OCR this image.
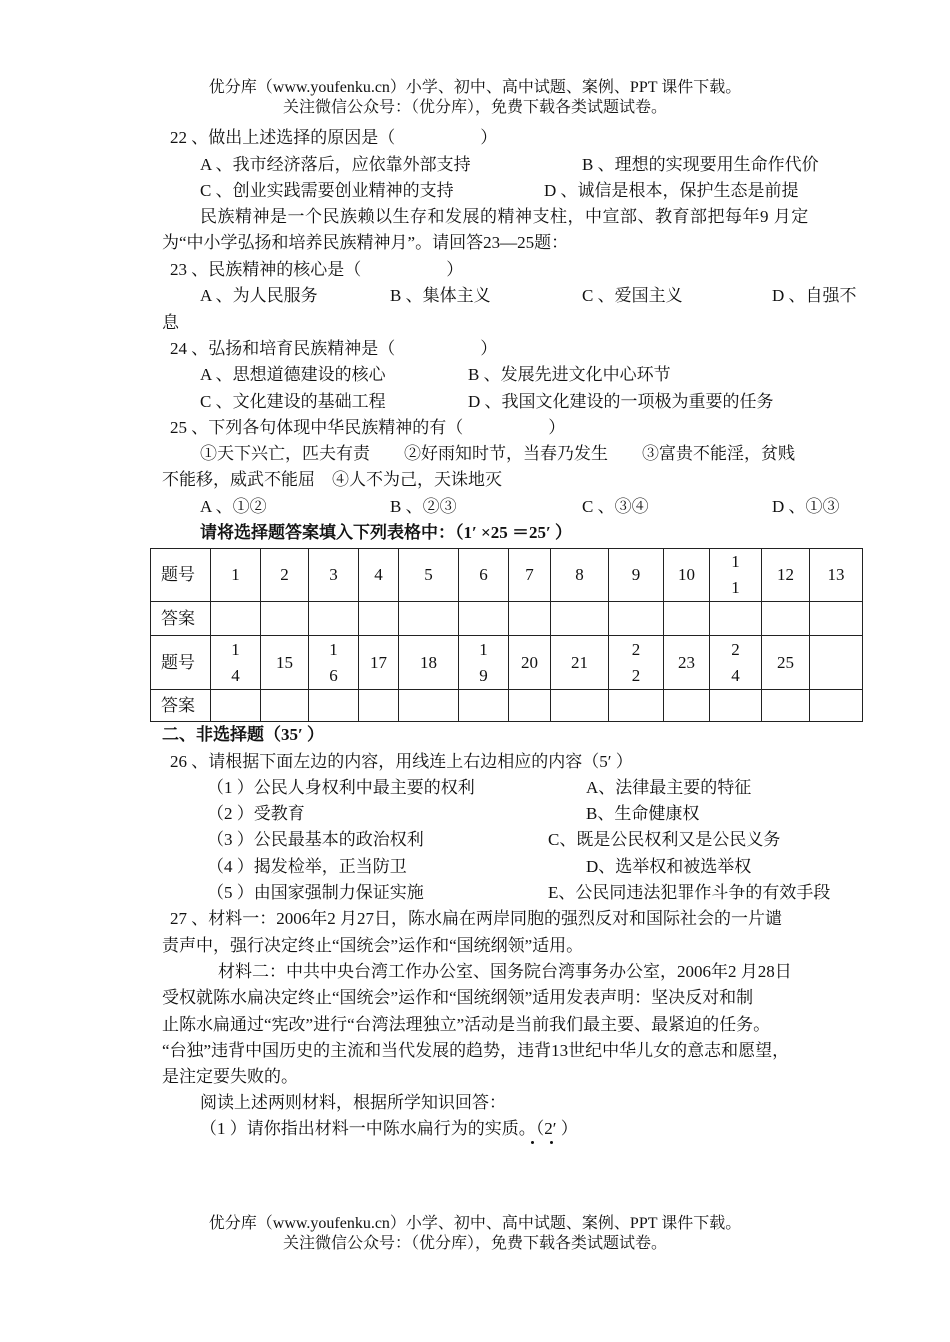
优分库（www.youfenku.cn）小学、初中、高中试题、案例、PPT 课件下载。
关注微信公众号：（优分库），免费下载各类试题试卷。
22 、做出上述选择的原因是（　　　　　）
A 、我市经济落后，应依靠外部支持	B 、理想的实现要用生命作代价
C 、创业实践需要创业精神的支持	D 、诚信是根本，保护生态是前提
民族精神是一个民族赖以生存和发展的精神支柱，中宣部、教育部把每年9 月定
为“中小学弘扬和培养民族精神月”。请回答23—25题：
23 、民族精神的核心是（　　　　　）
A 、为人民服务	B 、集体主义	C 、爱国主义	D 、自强不
息
24 、弘扬和培育民族精神是（　　　　　）
A 、思想道德建设的核心	B 、发展先进文化中心环节
C 、文化建设的基础工程	D 、我国文化建设的一项极为重要的任务
25 、下列各句体现中华民族精神的有（　　　　　）
①天下兴亡，匹夫有责　　②好雨知时节，当春乃发生　　③富贵不能淫，贫贱
不能移，威武不能屈　④人不为己，天诛地灭
A 、①②	B 、②③	C 、③④	D 、①③
请将选择题答案填入下列表格中：（1′ ×25 ＝25′ ）
题号	1	2	3	4	5	6	7	8	9	10	11	12	13
答案													
题号	14	15	16	17	18	19	20	21	22	23	24	25	
答案													
二、非选择题（35′ ）
26 、请根据下面左边的内容，用线连上右边相应的内容（5′ ）
（1 ）公民人身权利中最主要的权利	A、法律最主要的特征
（2 ）受教育	B、生命健康权
（3 ）公民最基本的政治权利	C、既是公民权利又是公民义务
（4 ）揭发检举，正当防卫	D、选举权和被选举权
（5 ）由国家强制力保证实施	E、公民同违法犯罪作斗争的有效手段
27 、材料一：2006年2 月27日，陈水扁在两岸同胞的强烈反对和国际社会的一片谴
责声中，强行决定终止“国统会”运作和“国统纲领”适用。
材料二：中共中央台湾工作办公室、国务院台湾事务办公室，2006年2 月28日
受权就陈水扁决定终止“国统会”运作和“国统纲领”适用发表声明：坚决反对和制
止陈水扁通过“宪改”进行“台湾法理独立”活动是当前我们最主要、最紧迫的任务。
“台独”违背中国历史的主流和当代发展的趋势，违背13世纪中华儿女的意志和愿望，
是注定要失败的。
阅读上述两则材料，根据所学知识回答：
（1 ）请你指出材料一中陈水扁行为的实质。（2′ ）
优分库（www.youfenku.cn）小学、初中、高中试题、案例、PPT 课件下载。
关注微信公众号：（优分库），免费下载各类试题试卷。
